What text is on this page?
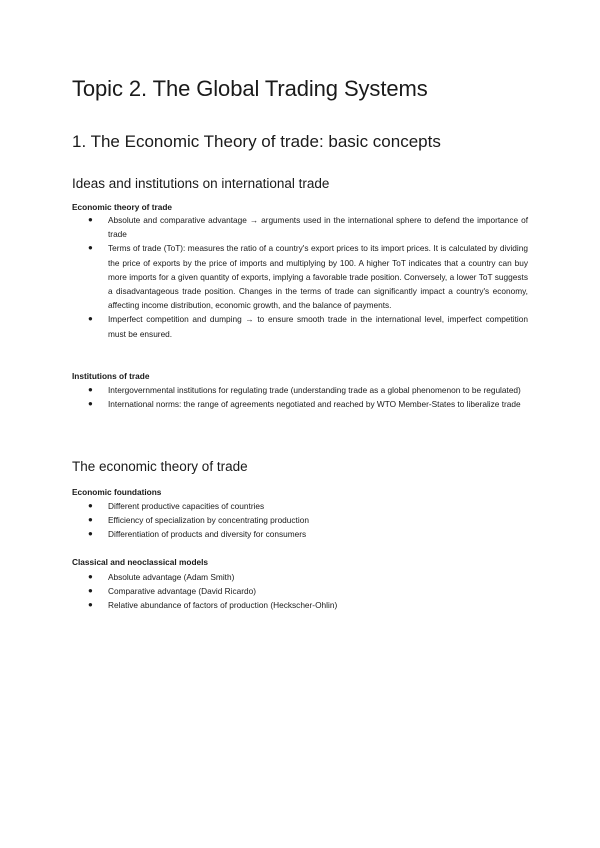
Topic 2. The Global Trading Systems
1. The Economic Theory of trade: basic concepts
Ideas and institutions on international trade
Economic theory of trade
● Absolute and comparative advantage → arguments used in the international sphere to defend the importance of trade
● Terms of trade (ToT): measures the ratio of a country's export prices to its import prices. It is calculated by dividing the price of exports by the price of imports and multiplying by 100. A higher ToT indicates that a country can buy more imports for a given quantity of exports, implying a favorable trade position. Conversely, a lower ToT suggests a disadvantageous trade position. Changes in the terms of trade can significantly impact a country's economy, affecting income distribution, economic growth, and the balance of payments.
● Imperfect competition and dumping → to ensure smooth trade in the international level, imperfect competition must be ensured.
Institutions of trade
● Intergovernmental institutions for regulating trade (understanding trade as a global phenomenon to be regulated)
● International norms: the range of agreements negotiated and reached by WTO Member-States to liberalize trade
The economic theory of trade
Economic foundations
● Different productive capacities of countries
● Efficiency of specialization by concentrating production
● Differentiation of products and diversity for consumers
Classical and neoclassical models
● Absolute advantage (Adam Smith)
● Comparative advantage (David Ricardo)
● Relative abundance of factors of production (Heckscher-Ohlin)
